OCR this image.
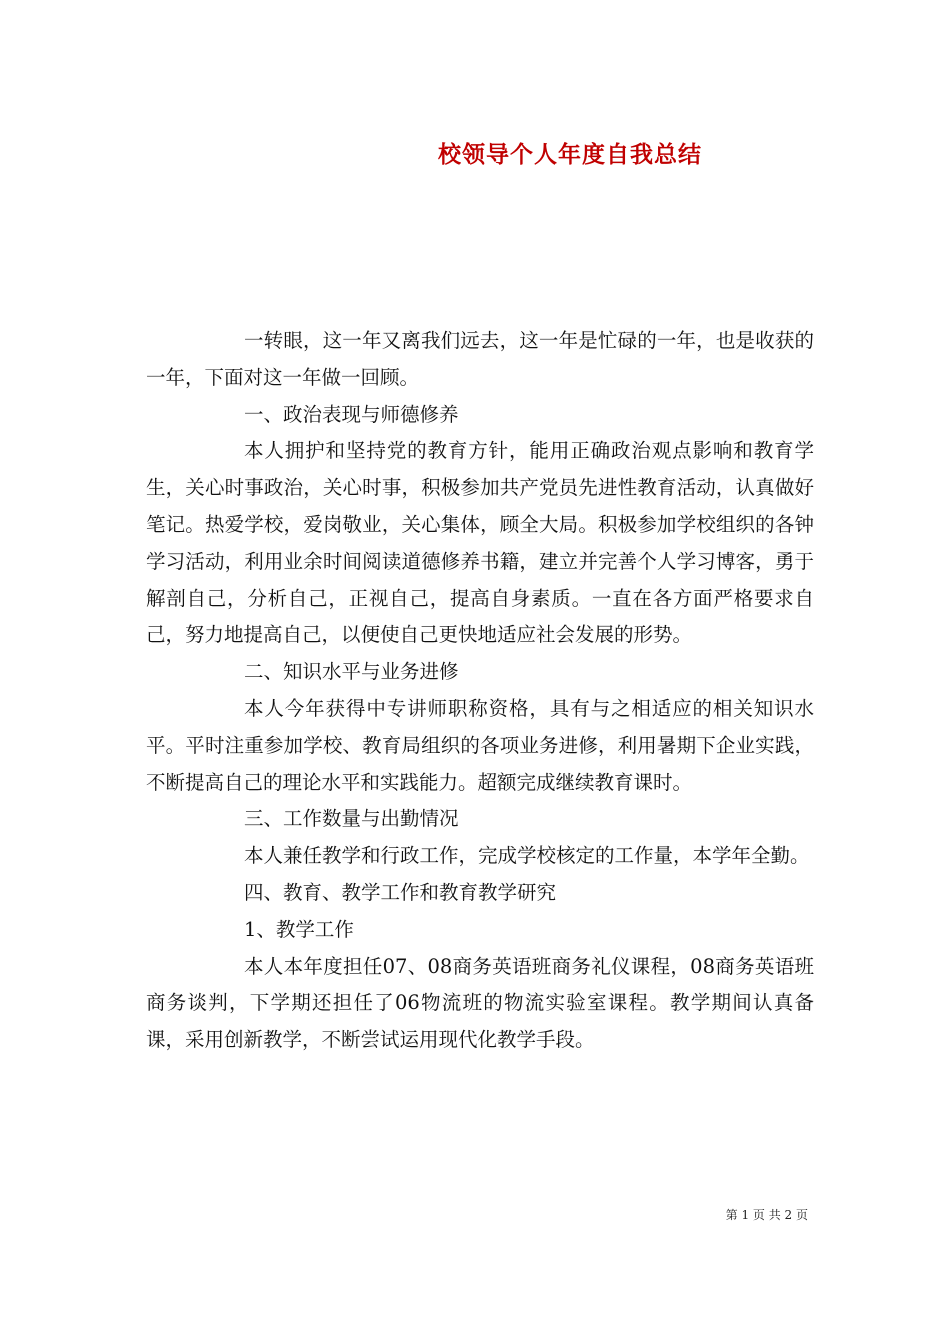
校领导个人年度自我总结

一转眼，这一年又离我们远去，这一年是忙碌的一年，也是收获的一年，下面对这一年做一回顾。

一、政治表现与师德修养

本人拥护和坚持党的教育方针，能用正确政治观点影响和教育学生，关心时事政治，关心时事，积极参加共产党员先进性教育活动，认真做好笔记。热爱学校，爱岗敬业，关心集体，顾全大局。积极参加学校组织的各钟学习活动，利用业余时间阅读道德修养书籍，建立并完善个人学习博客，勇于解剖自己，分析自己，正视自己，提高自身素质。一直在各方面严格要求自己，努力地提高自己，以便使自己更快地适应社会发展的形势。

二、知识水平与业务进修

本人今年获得中专讲师职称资格，具有与之相适应的相关知识水平。平时注重参加学校、教育局组织的各项业务进修，利用暑期下企业实践，不断提高自己的理论水平和实践能力。超额完成继续教育课时。

三、工作数量与出勤情况

本人兼任教学和行政工作，完成学校核定的工作量，本学年全勤。

四、教育、教学工作和教育教学研究

1、教学工作

本人本年度担任07、08商务英语班商务礼仪课程，08商务英语班商务谈判，下学期还担任了06物流班的物流实验室课程。教学期间认真备课，采用创新教学，不断尝试运用现代化教学手段。

第 1 页 共 2 页
